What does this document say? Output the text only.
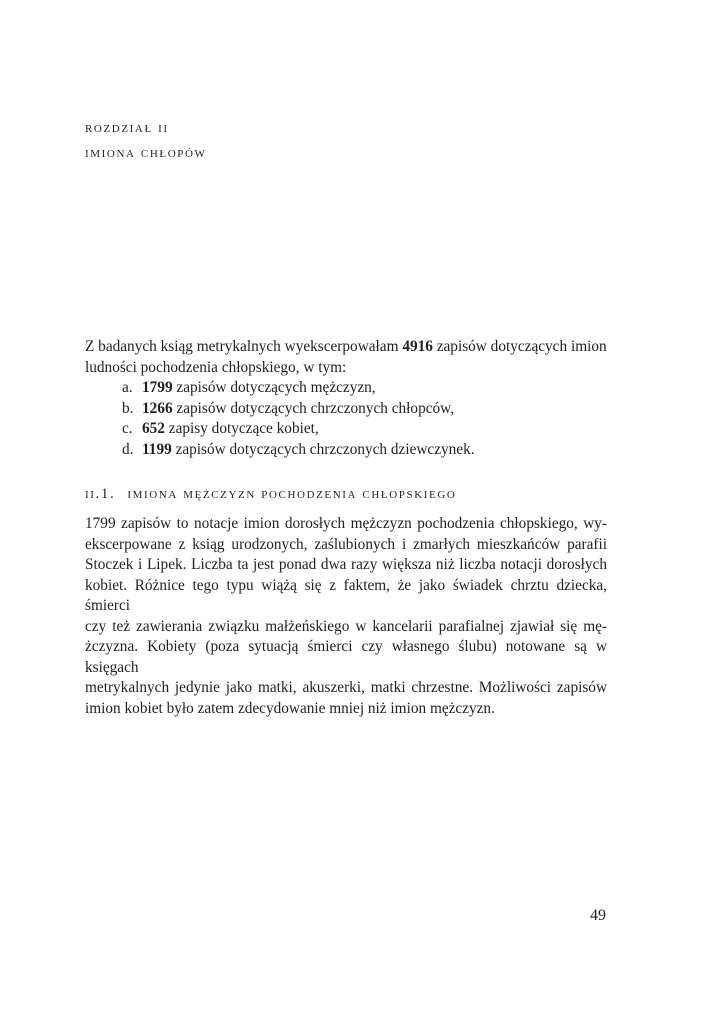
rozdział ii
imiona chłopów

Z badanych ksiąg metrykalnych wyekscerpowałam 4916 zapisów dotyczących imion ludności pochodzenia chłopskiego, w tym:

a. 1799 zapisów dotyczących mężczyzn,
b. 1266 zapisów dotyczących chrzczonych chłopców,
c. 652 zapisy dotyczące kobiet,
d. 1199 zapisów dotyczących chrzczonych dziewczynek.
ii.1. imiona mężczyzn pochodzenia chłopskiego

1799 zapisów to notacje imion dorosłych mężczyzn pochodzenia chłopskiego, wy-
ekscerpowane z ksiąg urodzonych, zaślubionych i zmarłych mieszkańców parafii
Stoczek i Lipek. Liczba ta jest ponad dwa razy większa niż liczba notacji dorosłych
kobiet. Różnice tego typu wiążą się z faktem, że jako świadek chrztu dziecka, śmierci
czy też zawierania związku małżeńskiego w kancelarii parafialnej zjawiał się mę-
żczyzna. Kobiety (poza sytuacją śmierci czy własnego ślubu) notowane są w księgach
metrykalnych jedynie jako matki, akuszerki, matki chrzestne. Możliwości zapisów
imion kobiet było zatem zdecydowanie mniej niż imion mężczyzn.

49
